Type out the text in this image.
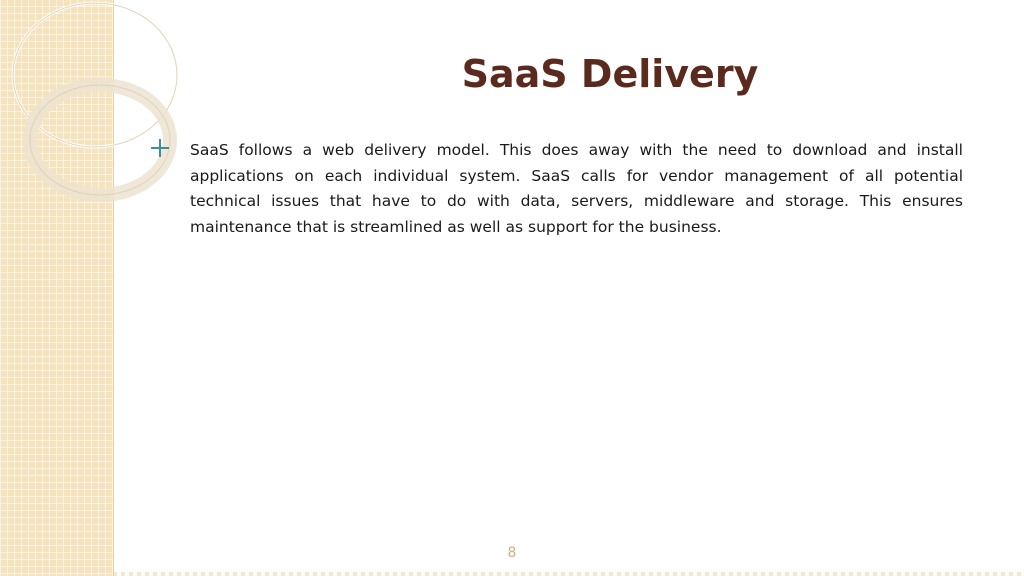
SaaS Delivery

SaaS follows a web delivery model. This does away with the need to download and install applications on each individual system. SaaS calls for vendor management of all potential technical issues that have to do with data, servers, middleware and storage. This ensures maintenance that is streamlined as well as support for the business.

8
